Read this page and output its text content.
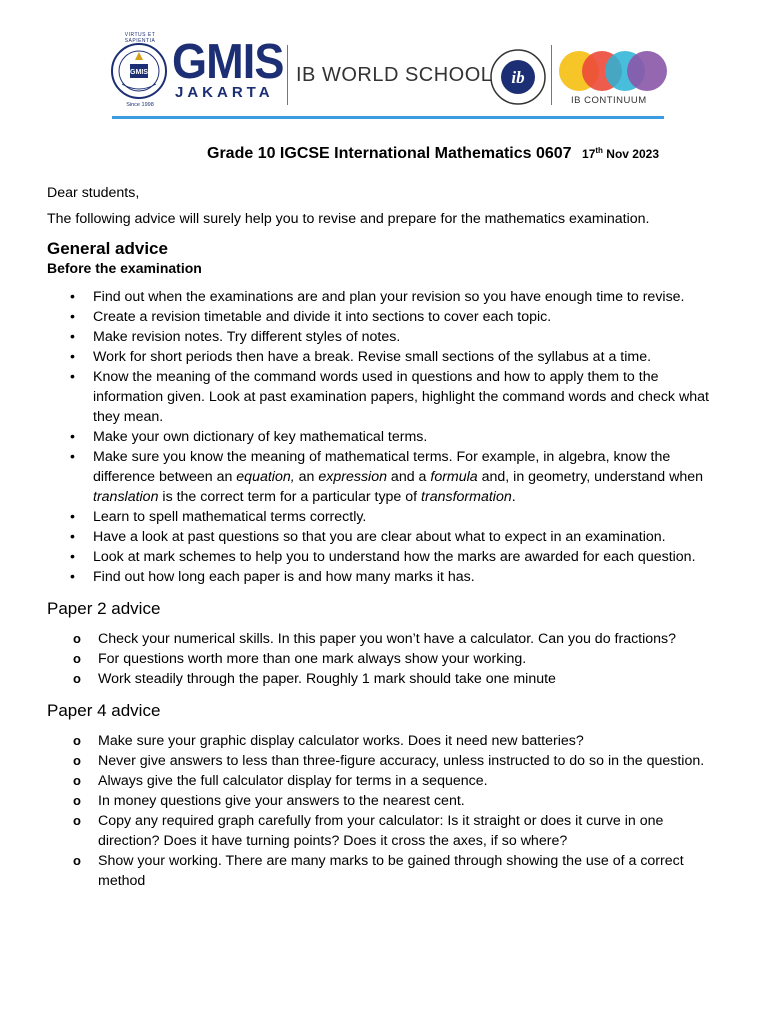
GMIS
VIRTUS ET SAPIENTIA
Since 1998
GMIS
JAKARTA
IB WORLD SCHOOL ib
IB CONTINUUM
Grade 10 IGCSE International Mathematics 0607 17th Nov 2023

Dear students,

The following advice will surely help you to revise and prepare for the mathematics examination.

General advice
Before the examination
• Find out when the examinations are and plan your revision so you have enough time to revise.
• Create a revision timetable and divide it into sections to cover each topic.
• Make revision notes. Try different styles of notes.
• Work for short periods then have a break. Revise small sections of the syllabus at a time.
• Know the meaning of the command words used in questions and how to apply them to the information given. Look at past examination papers, highlight the command words and check what they mean.
• Make your own dictionary of key mathematical terms.
• Make sure you know the meaning of mathematical terms. For example, in algebra, know the difference between an equation, an expression and a formula and, in geometry, understand when translation is the correct term for a particular type of transformation.
• Learn to spell mathematical terms correctly.
• Have a look at past questions so that you are clear about what to expect in an examination.
• Look at mark schemes to help you to understand how the marks are awarded for each question.
• Find out how long each paper is and how many marks it has.
Paper 2 advice
o Check your numerical skills. In this paper you won’t have a calculator. Can you do fractions?
o For questions worth more than one mark always show your working.
o Work steadily through the paper. Roughly 1 mark should take one minute
Paper 4 advice
o Make sure your graphic display calculator works. Does it need new batteries?
o Never give answers to less than three-figure accuracy, unless instructed to do so in the question.
o Always give the full calculator display for terms in a sequence.
o In money questions give your answers to the nearest cent.
o Copy any required graph carefully from your calculator: Is it straight or does it curve in one direction? Does it have turning points? Does it cross the axes, if so where?
o Show your working. There are many marks to be gained through showing the use of a correct method
